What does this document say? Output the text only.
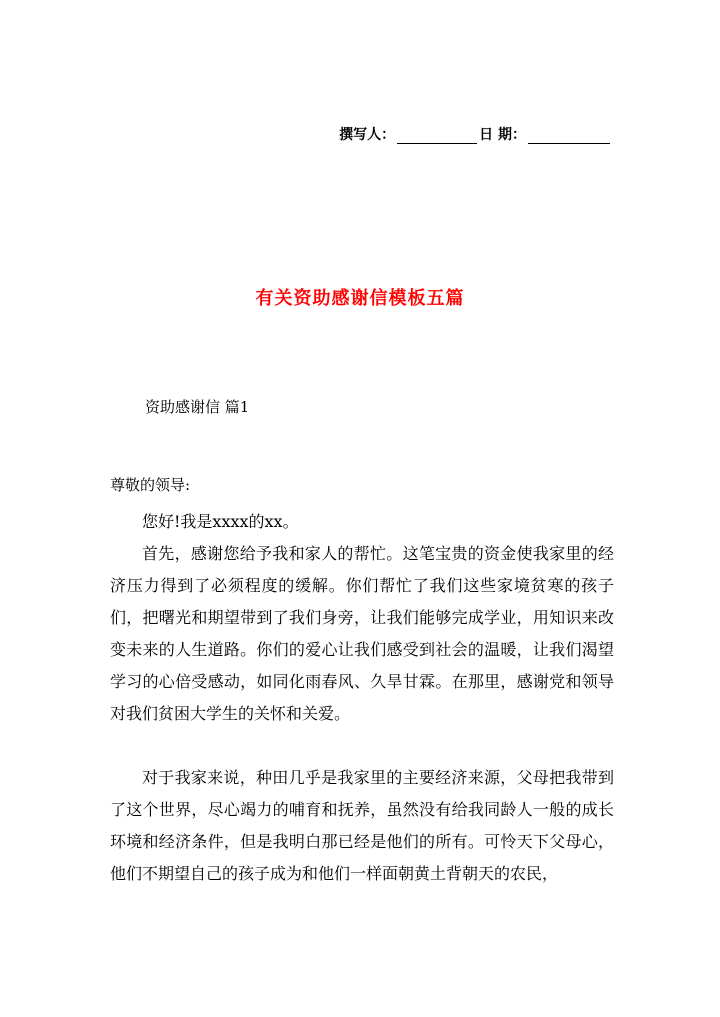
撰写人：	日 期：
有关资助感谢信模板五篇
资助感谢信 篇1
尊敬的领导:

您好!我是xxxx的xx。

首先，感谢您给予我和家人的帮忙。这笔宝贵的资金使我家里的经济压力得到了必须程度的缓解。你们帮忙了我们这些家境贫寒的孩子们，把曙光和期望带到了我们身旁，让我们能够完成学业，用知识来改变未来的人生道路。你们的爱心让我们感受到社会的温暖，让我们渴望学习的心倍受感动，如同化雨春风、久旱甘霖。在那里，感谢党和领导对我们贫困大学生的关怀和关爱。

对于我家来说，种田几乎是我家里的主要经济来源，父母把我带到了这个世界，尽心竭力的哺育和抚养，虽然没有给我同龄人一般的成长环境和经济条件，但是我明白那已经是他们的所有。可怜天下父母心，他们不期望自己的孩子成为和他们一样面朝黄土背朝天的农民，
